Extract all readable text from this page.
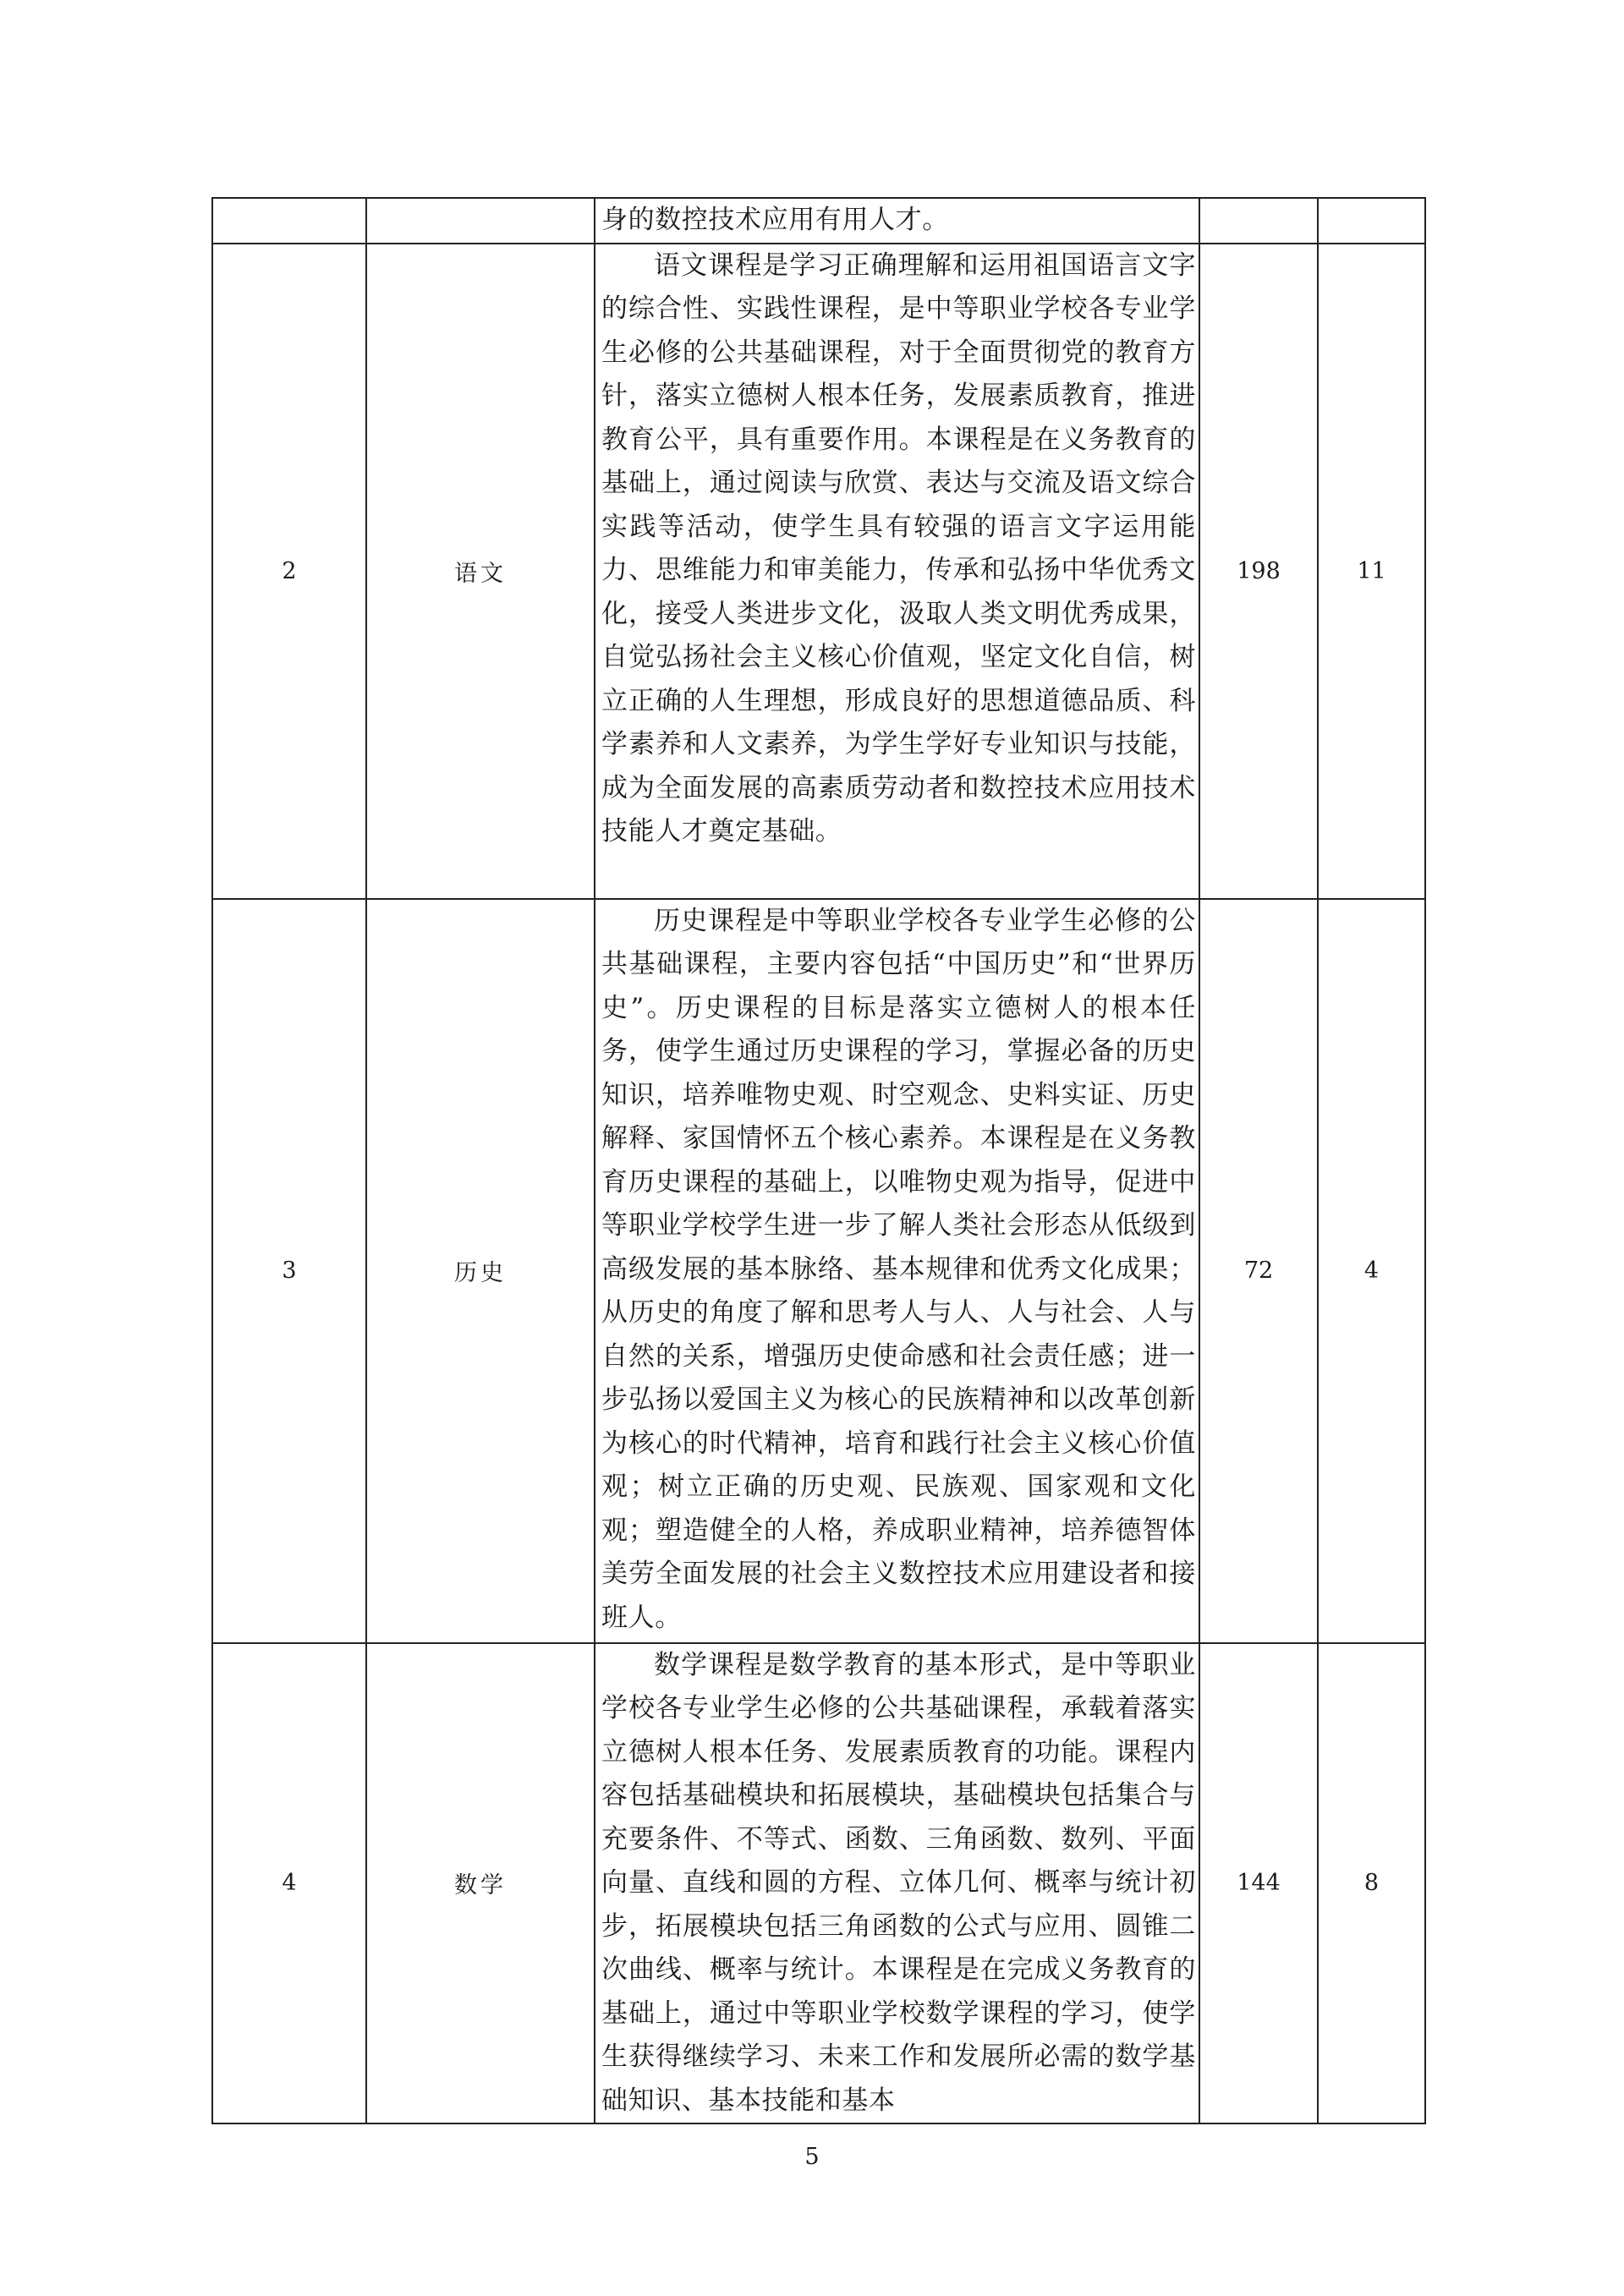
		身的数控技术应用有用人才。		

2	语文	语文课程是学习正确理解和运用祖国语言文字的综合性、实践性课程，是中等职业学校各专业学生必修的公共基础课程，对于全面贯彻党的教育方针，落实立德树人根本任务，发展素质教育，推进教育公平，具有重要作用。本课程是在义务教育的基础上，通过阅读与欣赏、表达与交流及语文综合实践等活动，使学生具有较强的语言文字运用能力、思维能力和审美能力，传承和弘扬中华优秀文化，接受人类进步文化，汲取人类文明优秀成果，自觉弘扬社会主义核心价值观，坚定文化自信，树立正确的人生理想，形成良好的思想道德品质、科学素养和人文素养，为学生学好专业知识与技能，成为全面发展的高素质劳动者和数控技术应用技术技能人才奠定基础。	198	11
3	历史	历史课程是中等职业学校各专业学生必修的公共基础课程，主要内容包括“中国历史”和“世界历史”。历史课程的目标是落实立德树人的根本任务，使学生通过历史课程的学习，掌握必备的历史知识，培养唯物史观、时空观念、史料实证、历史解释、家国情怀五个核心素养。本课程是在义务教育历史课程的基础上，以唯物史观为指导，促进中等职业学校学生进一步了解人类社会形态从低级到高级发展的基本脉络、基本规律和优秀文化成果；从历史的角度了解和思考人与人、人与社会、人与自然的关系，增强历史使命感和社会责任感；进一步弘扬以爱国主义为核心的民族精神和以改革创新为核心的时代精神，培育和践行社会主义核心价值观；树立正确的历史观、民族观、国家观和文化观；塑造健全的人格，养成职业精神，培养德智体美劳全面发展的社会主义数控技术应用建设者和接班人。	72	4
4	数学	数学课程是数学教育的基本形式，是中等职业学校各专业学生必修的公共基础课程，承载着落实立德树人根本任务、发展素质教育的功能。课程内容包括基础模块和拓展模块，基础模块包括集合与充要条件、不等式、函数、三角函数、数列、平面向量、直线和圆的方程、立体几何、概率与统计初步，拓展模块包括三角函数的公式与应用、圆锥二次曲线、概率与统计。本课程是在完成义务教育的基础上，通过中等职业学校数学课程的学习，使学生获得继续学习、未来工作和发展所必需的数学基础知识、基本技能和基本	144	8
5
